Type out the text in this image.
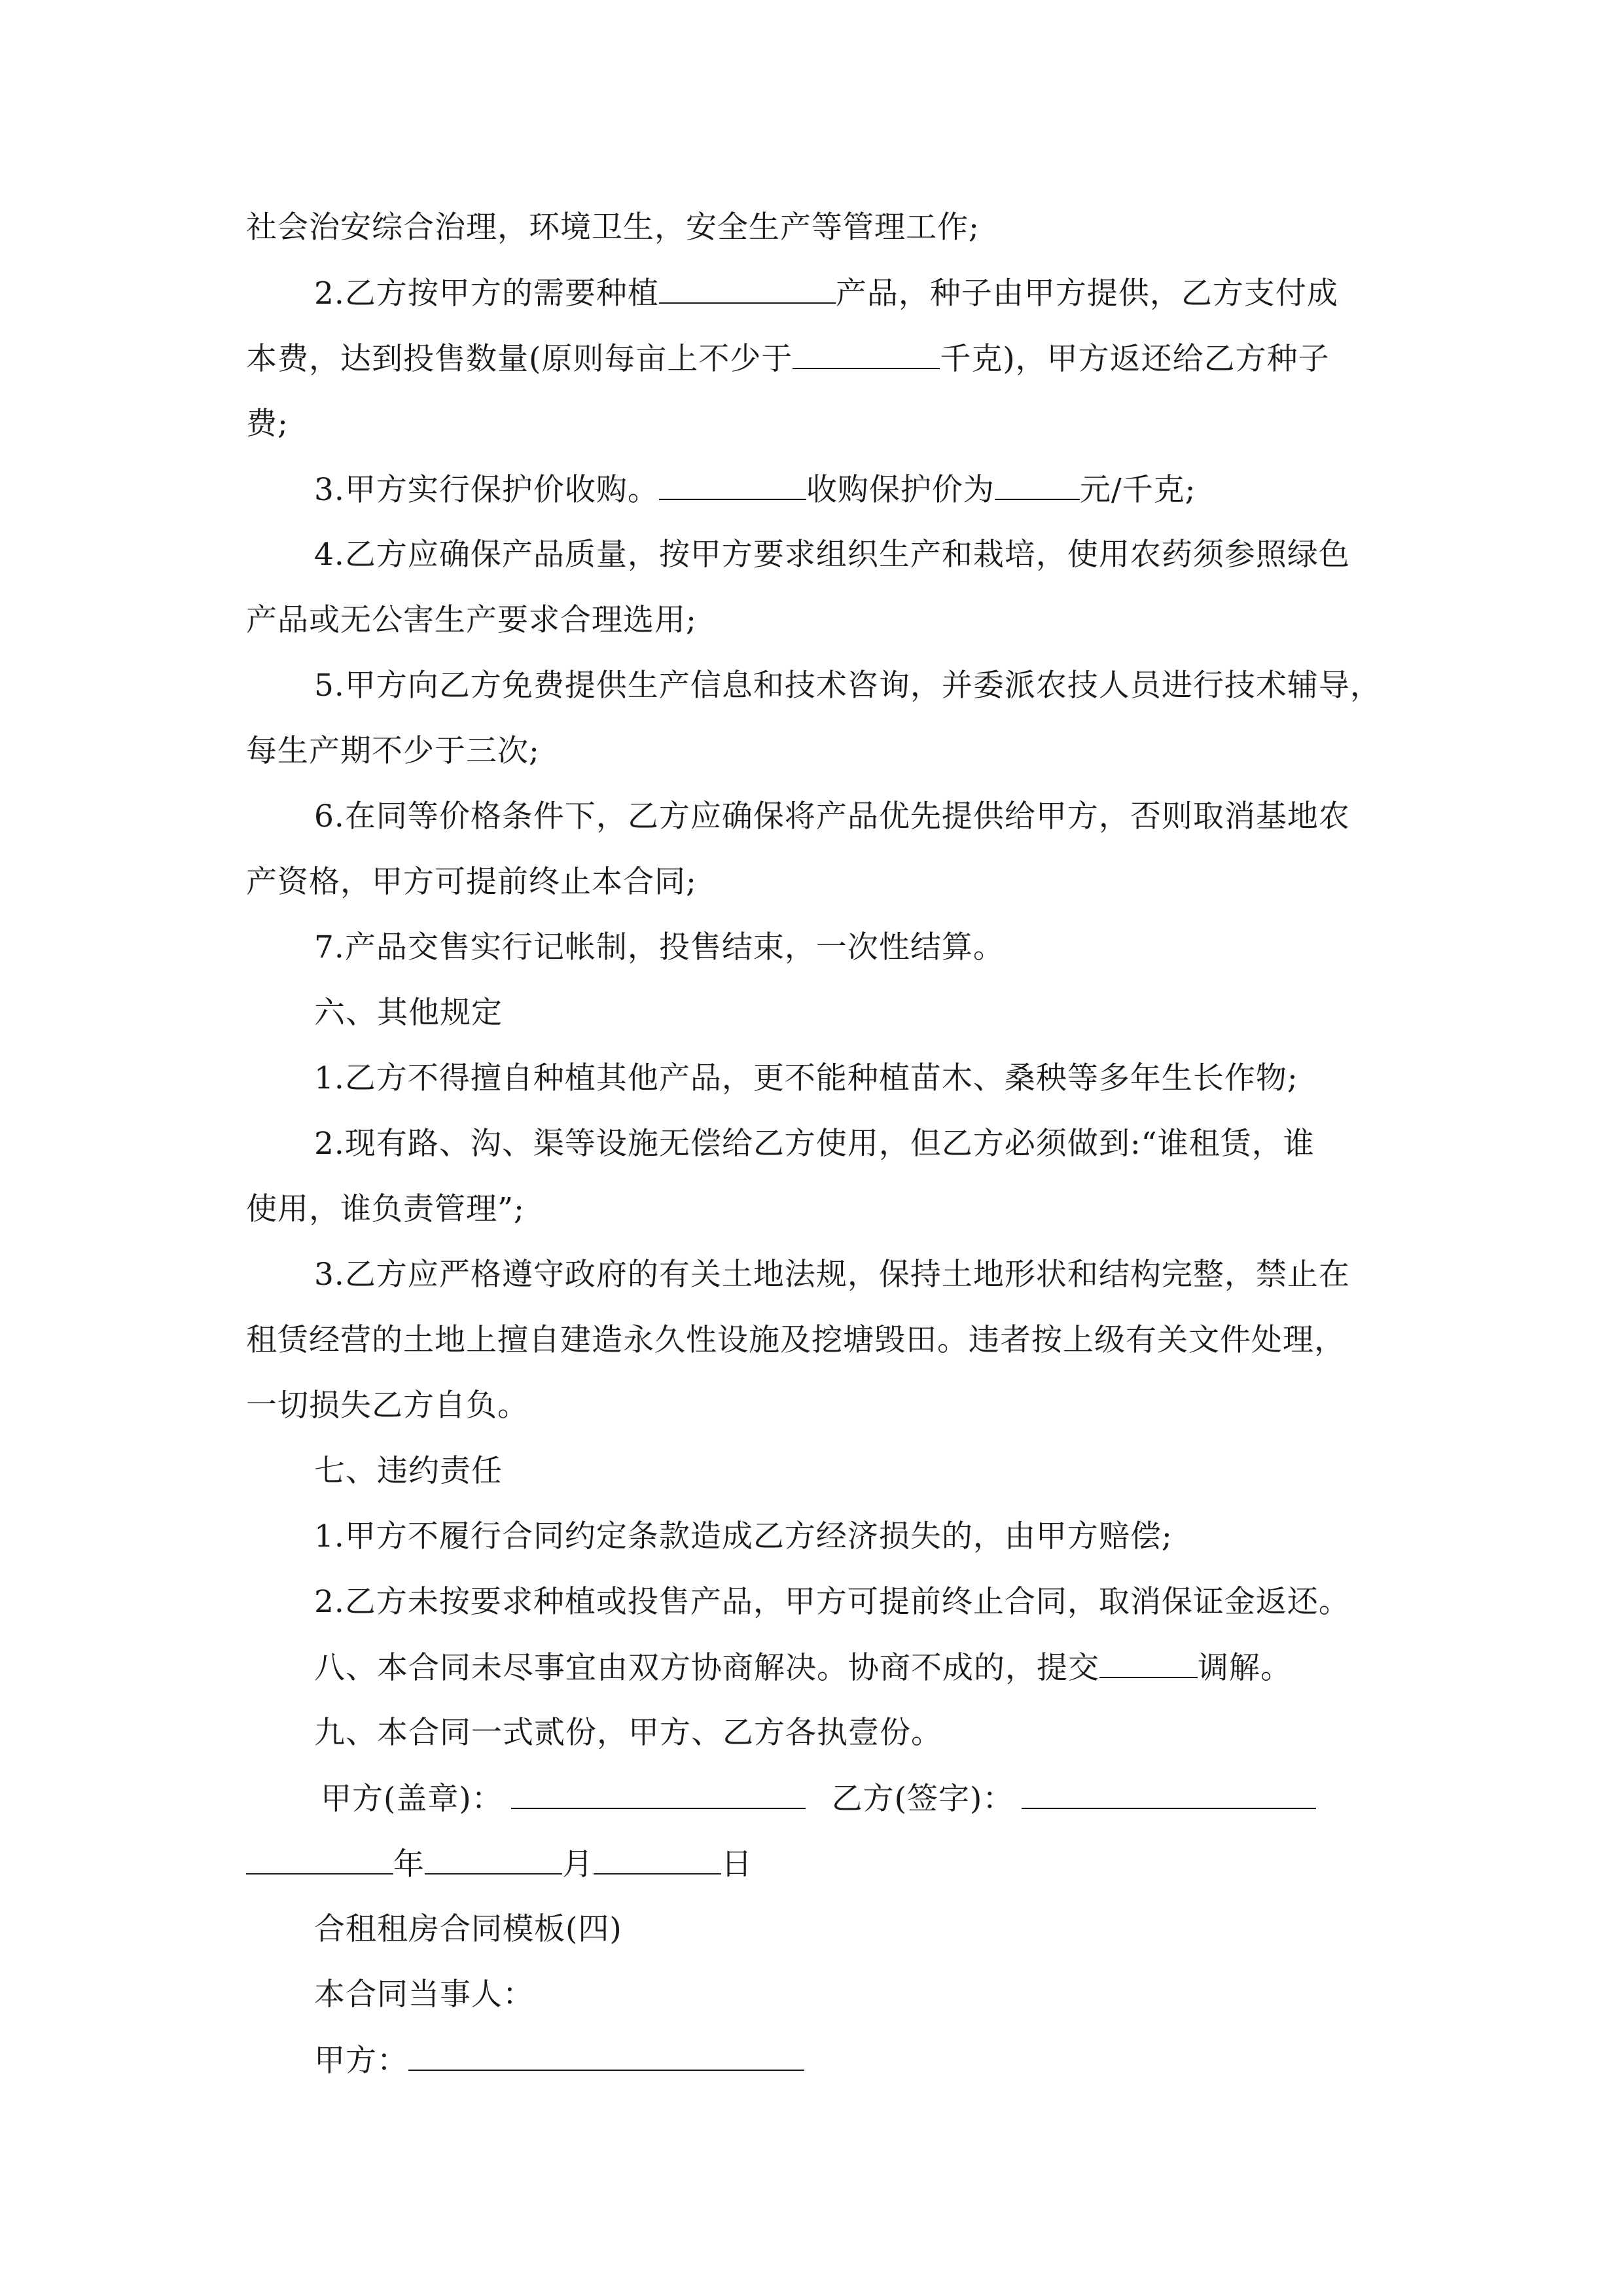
社会治安综合治理，环境卫生，安全生产等管理工作;
2.乙方按甲方的需要种植	产品，种子由甲方提供，乙方支付成
本费，达到投售数量(原则每亩上不少于	千克)，甲方返还给乙方种子
费;
3.甲方实行保护价收购。	收购保护价为	元/千克;
4.乙方应确保产品质量，按甲方要求组织生产和栽培，使用农药须参照绿色
产品或无公害生产要求合理选用;
5.甲方向乙方免费提供生产信息和技术咨询，并委派农技人员进行技术辅导，
每生产期不少于三次;
6.在同等价格条件下，乙方应确保将产品优先提供给甲方，否则取消基地农
产资格，甲方可提前终止本合同;
7.产品交售实行记帐制，投售结束，一次性结算。
六、其他规定
1.乙方不得擅自种植其他产品，更不能种植苗木、桑秧等多年生长作物;
2.现有路、沟、渠等设施无偿给乙方使用，但乙方必须做到:“谁租赁，谁
使用，谁负责管理”;
3.乙方应严格遵守政府的有关土地法规，保持土地形状和结构完整，禁止在
租赁经营的土地上擅自建造永久性设施及挖塘毁田。违者按上级有关文件处理，
一切损失乙方自负。
七、违约责任
1.甲方不履行合同约定条款造成乙方经济损失的，由甲方赔偿;
2.乙方未按要求种植或投售产品，甲方可提前终止合同，取消保证金返还。
八、本合同未尽事宜由双方协商解决。协商不成的，提交	调解。
九、本合同一式贰份，甲方、乙方各执壹份。
甲方(盖章)：	乙方(签字)：
年	月	日
合租租房合同模板(四)
本合同当事人：
甲方：
